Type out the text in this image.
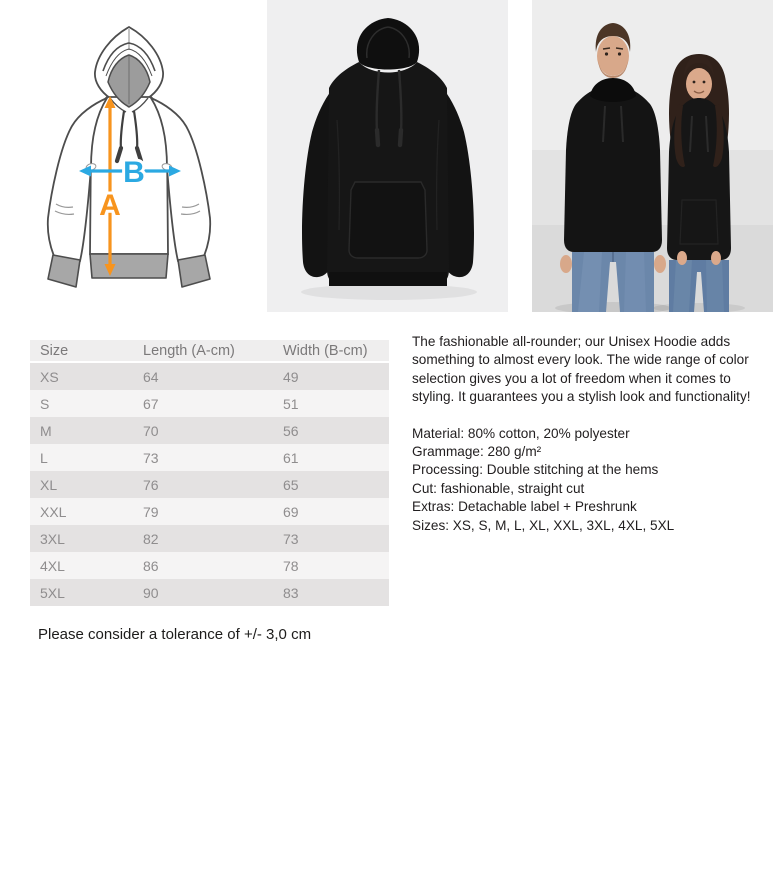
A
B
Size	Length (A-cm)	Width (B-cm)
XS	64	49
S	67	51
M	70	56
L	73	61
XL	76	65
XXL	79	69
3XL	82	73
4XL	86	78
5XL	90	83

The fashionable all-rounder; our Unisex Hoodie adds something to almost every look. The wide range of color selection gives you a lot of freedom when it comes to styling. It guarantees you a stylish look and functionality!

Material: 80% cotton, 20% polyester
Grammage: 280 g/m²
Processing: Double stitching at the hems
Cut: fashionable, straight cut
Extras: Detachable label + Preshrunk
Sizes: XS, S, M, L, XL, XXL, 3XL, 4XL, 5XL
Please consider a tolerance of +/- 3,0 cm
